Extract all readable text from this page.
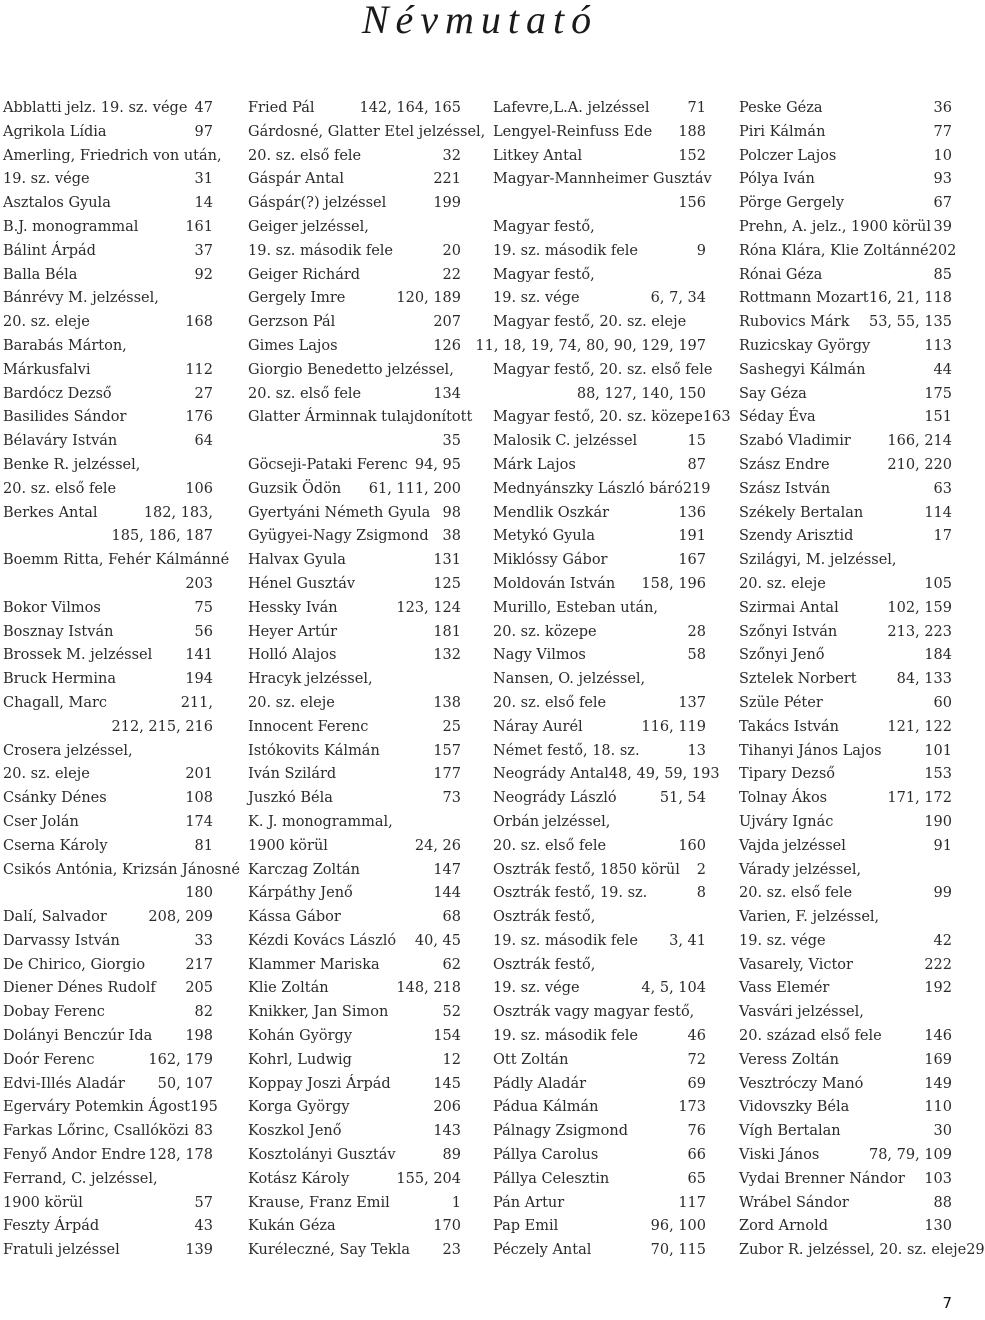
Névmutató
Abblatti jelz. 19. sz. vége 47
Agrikola Lídia	97
Amerling, Friedrich von után,
19. sz. vége	31
Asztalos Gyula	14
B.J. monogrammal	161
Bálint Árpád	37
Balla Béla	92
Bánrévy M. jelzéssel,
20. sz. eleje	168
Barabás Márton,
Márkusfalvi	112
Bardócz Dezső	27
Basilides Sándor	176
Bélaváry István	64
Benke R. jelzéssel,
20. sz. első fele	106
Berkes Antal	182, 183,
185, 186, 187
Boemm Ritta, Fehér Kálmánné
203
Bokor Vilmos	75
Bosznay István	56
Brossek M. jelzéssel 141
Bruck Hermina	194
Chagall, Marc	211,
212, 215, 216
Crosera jelzéssel,
20. sz. eleje	201
Csánky Dénes	108
Cser Jolán	174
Cserna Károly	81
Csikós Antónia, Krizsán Jánosné
180
Dalí, Salvador	208, 209
Darvassy István	33
De Chirico, Giorgio	217
Diener Dénes Rudolf 205
Dobay Ferenc	82
Dolányi Benczúr Ida 198
Doór Ferenc	162, 179
Edvi-Illés Aladár 50, 107
Egerváry Potemkin Ágost 195
Farkas Lőrinc, Csallóközi 83
Fenyő Andor Endre 128, 178
Ferrand, C. jelzéssel,
1900 körül	57
Feszty Árpád	43
Fratuli jelzéssel	139
Fried Pál	142, 164, 165
Gárdosné, Glatter Etel jelzéssel,
20. sz. első fele	32
Gáspár Antal	221
Gáspár(?) jelzéssel	199
Geiger jelzéssel,
19. sz. második fele	20
Geiger Richárd	22
Gergely Imre	120, 189
Gerzson Pál	207
Gimes Lajos	126
Giorgio Benedetto jelzéssel,
20. sz. első fele	134
Glatter Árminnak tulajdonított
35
Göcseji-Pataki Ferenc 94, 95
Guzsik Ödön 61, 111, 200
Gyertyáni Németh Gyula 98
Gyügyei-Nagy Zsigmond 38
Halvax Gyula	131
Hénel Gusztáv	125
Hessky Iván	123, 124
Heyer Artúr	181
Holló Alajos	132
Hracyk jelzéssel,
20. sz. eleje	138
Innocent Ferenc	25
Istókovits Kálmán	157
Iván Szilárd	177
Juszkó Béla	73
K. J. monogrammal,
1900 körül	24, 26
Karczag Zoltán	147
Kárpáthy Jenő	144
Kássa Gábor	68
Kézdi Kovács László 40, 45
Klammer Mariska	62
Klie Zoltán	148, 218
Knikker, Jan Simon	52
Kohán György	154
Kohrl, Ludwig	12
Koppay Joszi Árpád	145
Korga György	206
Koszkol Jenő	143
Kosztolányi Gusztáv	89
Kotász Károly	155, 204
Krause, Franz Emil	1
Kukán Géza	170
Kuréleczné, Say Tekla 23
Lafevre,L.A. jelzéssel	71
Lengyel-Reinfuss Ede 188
Litkey Antal	152
Magyar-Mannheimer Gusztáv
156
Magyar festő,
19. sz. második fele	9
Magyar festő,
19. sz. vége	6, 7, 34
Magyar festő, 20. sz. eleje
11, 18, 19, 74, 80, 90, 129, 197
Magyar festő, 20. sz. első fele
88, 127, 140, 150
Magyar festő, 20. sz. közepe 163
Malosik C. jelzéssel	15
Márk Lajos	87
Mednyánszky László báró 219
Mendlik Oszkár	136
Metykó Gyula	191
Miklóssy Gábor	167
Moldován István 158, 196
Murillo, Esteban után,
20. sz. közepe	28
Nagy Vilmos	58
Nansen, O. jelzéssel,
20. sz. első fele	137
Náray Aurél	116, 119
Német festő, 18. sz.	13
Neogrády Antal 48, 49, 59, 193
Neogrády László	51, 54
Orbán jelzéssel,
20. sz. első fele	160
Osztrák festő, 1850 körül 2
Osztrák festő, 19. sz.	8
Osztrák festő,
19. sz. második fele 3, 41
Osztrák festő,
19. sz. vége	4, 5, 104
Osztrák vagy magyar festő,
19. sz. második fele	46
Ott Zoltán	72
Pádly Aladár	69
Pádua Kálmán	173
Pálnagy Zsigmond	76
Pállya Carolus	66
Pállya Celesztin	65
Pán Artur	117
Pap Emil	96, 100
Péczely Antal	70, 115
Peske Géza	36
Piri Kálmán	77
Polczer Lajos	10
Pólya Iván	93
Pörge Gergely	67
Prehn, A. jelz., 1900 körül 39
Róna Klára, Klie Zoltánné 202
Rónai Géza	85
Rottmann Mozart 16, 21, 118
Rubovics Márk 53, 55, 135
Ruzicskay György	113
Sashegyi Kálmán	44
Say Géza	175
Séday Éva	151
Szabó Vladimir	166, 214
Szász Endre	210, 220
Szász István	63
Székely Bertalan	114
Szendy Arisztid	17
Szilágyi, M. jelzéssel,
20. sz. eleje	105
Szirmai Antal	102, 159
Szőnyi István	213, 223
Szőnyi Jenő	184
Sztelek Norbert	84, 133
Szüle Péter	60
Takács István	121, 122
Tihanyi János Lajos	101
Tipary Dezső	153
Tolnay Ákos	171, 172
Ujváry Ignác	190
Vajda jelzéssel	91
Várady jelzéssel,
20. sz. első fele	99
Varien, F. jelzéssel,
19. sz. vége	42
Vasarely, Victor	222
Vass Elemér	192
Vasvári jelzéssel,
20. század első fele	146
Veress Zoltán	169
Vesztróczy Manó	149
Vidovszky Béla	110
Vígh Bertalan	30
Viski János	78, 79, 109
Vydai Brenner Nándor 103
Wrábel Sándor	88
Zord Arnold	130
Zubor R. jelzéssel, 20. sz. eleje 29
7
